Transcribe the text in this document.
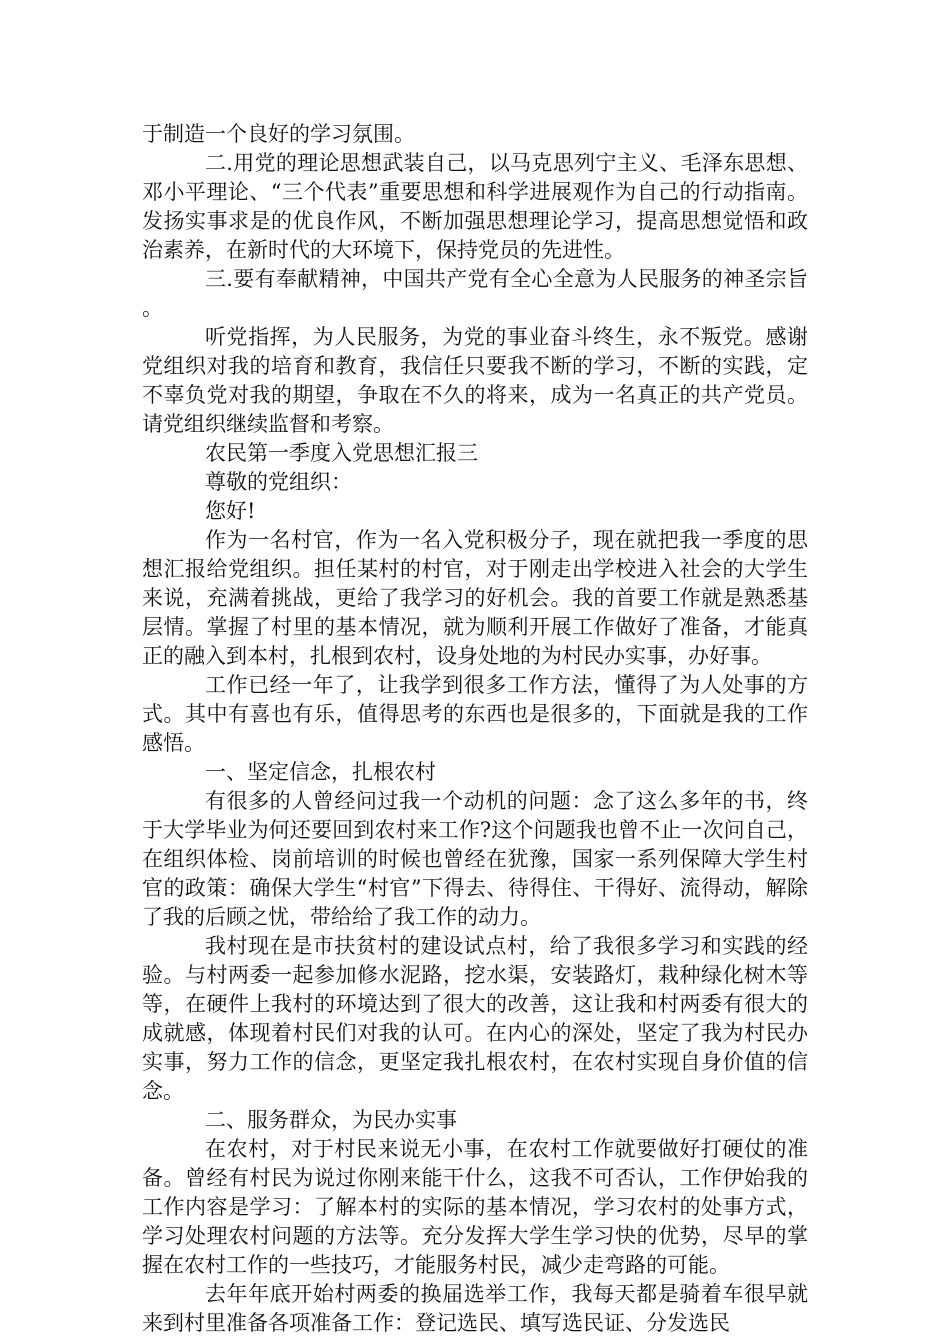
于制造一个良好的学习氛围。

二.用党的理论思想武装自己，以马克思列宁主义、毛泽东思想、邓小平理论、“三个代表”重要思想和科学进展观作为自己的行动指南。发扬实事求是的优良作风，不断加强思想理论学习，提高思想觉悟和政治素养，在新时代的大环境下，保持党员的先进性。

三.要有奉献精神，中国共产党有全心全意为人民服务的神圣宗旨。

听党指挥，为人民服务，为党的事业奋斗终生，永不叛党。感谢党组织对我的培育和教育，我信任只要我不断的学习，不断的实践，定不辜负党对我的期望，争取在不久的将来，成为一名真正的共产党员。请党组织继续监督和考察。

农民第一季度入党思想汇报三

尊敬的党组织：

您好!

作为一名村官，作为一名入党积极分子，现在就把我一季度的思想汇报给党组织。担任某村的村官，对于刚走出学校进入社会的大学生来说，充满着挑战，更给了我学习的好机会。我的首要工作就是熟悉基层情。掌握了村里的基本情况，就为顺利开展工作做好了准备，才能真正的融入到本村，扎根到农村，设身处地的为村民办实事，办好事。

工作已经一年了，让我学到很多工作方法，懂得了为人处事的方式。其中有喜也有乐，值得思考的东西也是很多的，下面就是我的工作感悟。

一、坚定信念，扎根农村

有很多的人曾经问过我一个动机的问题：念了这么多年的书，终于大学毕业为何还要回到农村来工作?这个问题我也曾不止一次问自己，在组织体检、岗前培训的时候也曾经在犹豫，国家一系列保障大学生村官的政策：确保大学生“村官”下得去、待得住、干得好、流得动，解除了我的后顾之忧，带给给了我工作的动力。

我村现在是市扶贫村的建设试点村，给了我很多学习和实践的经验。与村两委一起参加修水泥路，挖水渠，安装路灯，栽种绿化树木等等，在硬件上我村的环境达到了很大的改善，这让我和村两委有很大的成就感，体现着村民们对我的认可。在内心的深处，坚定了我为村民办实事，努力工作的信念，更坚定我扎根农村，在农村实现自身价值的信念。

二、服务群众，为民办实事

在农村，对于村民来说无小事，在农村工作就要做好打硬仗的准备。曾经有村民为说过你刚来能干什么，这我不可否认，工作伊始我的工作内容是学习：了解本村的实际的基本情况，学习农村的处事方式，学习处理农村问题的方法等。充分发挥大学生学习快的优势，尽早的掌握在农村工作的一些技巧，才能服务村民，减少走弯路的可能。

去年年底开始村两委的换届选举工作，我每天都是骑着车很早就来到村里准备各项准备工作：登记选民、填写选民证、分发选民
